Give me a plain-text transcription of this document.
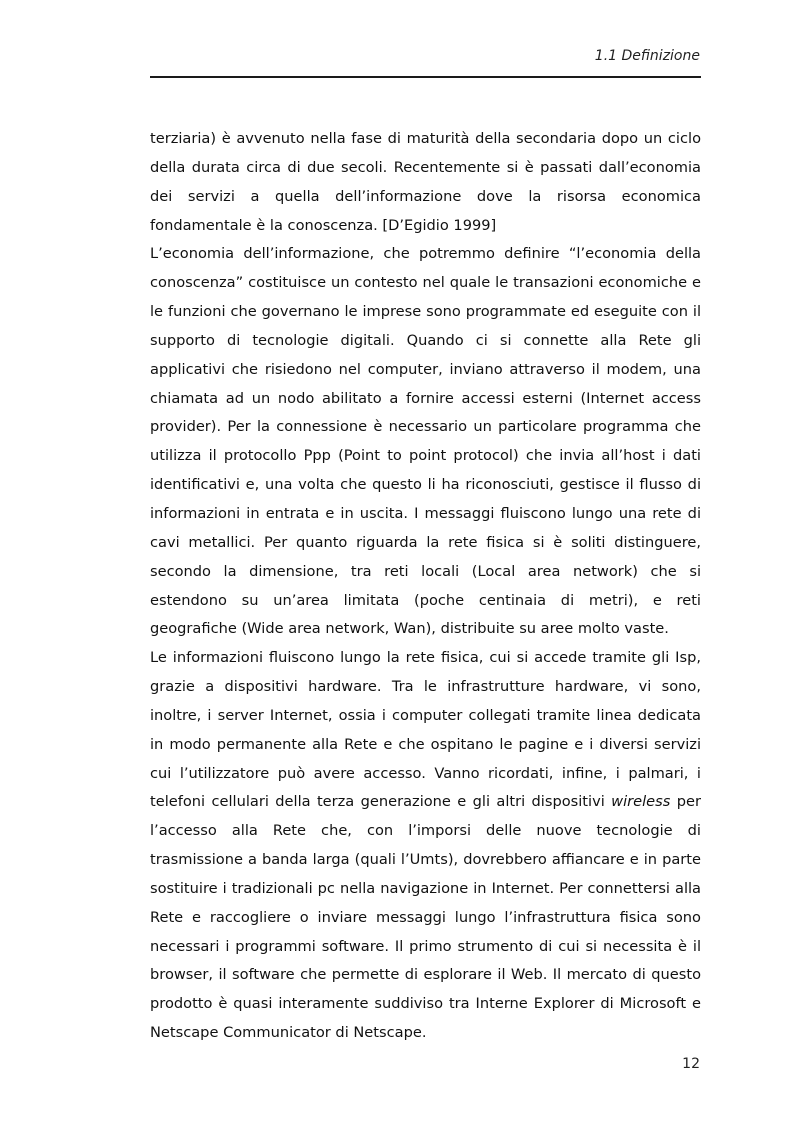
1.1 Definizione

terziaria) è avvenuto nella fase di maturità della secondaria dopo un ciclo della durata circa di due secoli. Recentemente si è passati dall’economia dei servizi a quella dell’informazione dove la risorsa economica fondamentale è la conoscenza. [D’Egidio 1999]

L’economia dell’informazione, che potremmo definire “l’economia della conoscenza” costituisce un contesto nel quale le transazioni economiche e le funzioni che governano le imprese sono programmate ed eseguite con il supporto di tecnologie digitali. Quando ci si connette alla Rete gli applicativi che risiedono nel computer, inviano attraverso il modem, una chiamata ad un nodo abilitato a fornire accessi esterni (Internet access provider). Per la connessione è necessario un particolare programma che utilizza il protocollo Ppp (Point to point protocol) che invia all’host i dati identificativi e, una volta che questo li ha riconosciuti, gestisce il flusso di informazioni in entrata e in uscita. I messaggi fluiscono lungo una rete di cavi metallici. Per quanto riguarda la rete fisica si è soliti distinguere, secondo la dimensione, tra reti locali (Local area network) che si estendono su un’area limitata (poche centinaia di metri), e reti geografiche (Wide area network, Wan), distribuite su aree molto vaste.

Le informazioni fluiscono lungo la rete fisica, cui si accede tramite gli Isp, grazie a dispositivi hardware. Tra le infrastrutture hardware, vi sono, inoltre, i server Internet, ossia i computer collegati tramite linea dedicata in modo permanente alla Rete e che ospitano le pagine e i diversi servizi cui l’utilizzatore può avere accesso. Vanno ricordati, infine, i palmari, i telefoni cellulari della terza generazione e gli altri dispositivi wireless per l’accesso alla Rete che, con l’imporsi delle nuove tecnologie di trasmissione a banda larga (quali l’Umts), dovrebbero affiancare e in parte sostituire i tradizionali pc nella navigazione in Internet. Per connettersi alla Rete e raccogliere o inviare messaggi lungo l’infrastruttura fisica sono necessari i programmi software. Il primo strumento di cui si necessita è il browser, il software che permette di esplorare il Web. Il mercato di questo prodotto è quasi interamente suddiviso tra Interne Explorer di Microsoft e Netscape Communicator di Netscape.

12
